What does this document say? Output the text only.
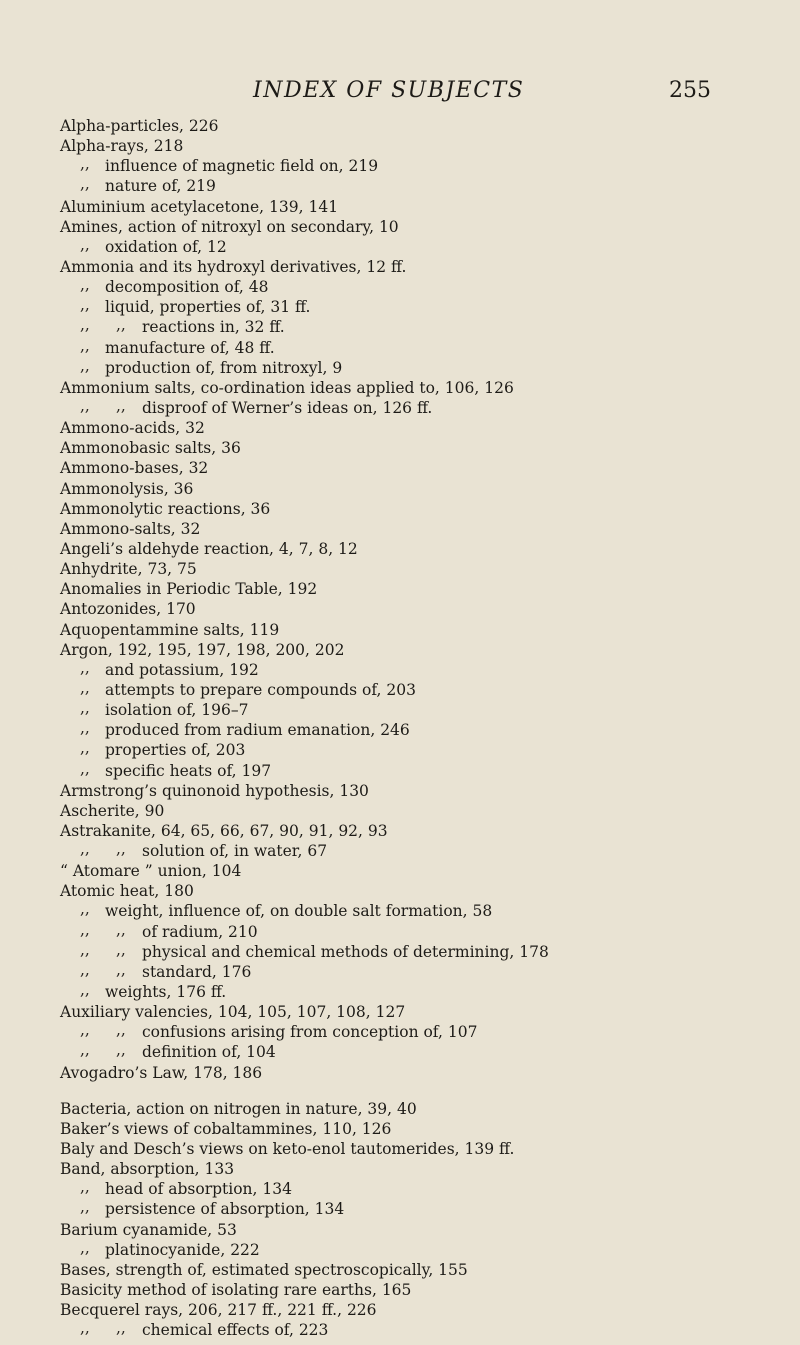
INDEX OF SUBJECTS	255
Alpha-particles, 226
Alpha-rays, 218
,, influence of magnetic field on, 219
,, nature of, 219
Aluminium acetylacetone, 139, 141
Amines, action of nitroxyl on secondary, 10
,, oxidation of, 12
Ammonia and its hydroxyl derivatives, 12 ff.
,, decomposition of, 48
,, liquid, properties of, 31 ff.
,, ,, reactions in, 32 ff.
,, manufacture of, 48 ff.
,, production of, from nitroxyl, 9
Ammonium salts, co-ordination ideas applied to, 106, 126
,, ,, disproof of Werner’s ideas on, 126 ff.
Ammono-acids, 32
Ammonobasic salts, 36
Ammono-bases, 32
Ammonolysis, 36
Ammonolytic reactions, 36
Ammono-salts, 32
Angeli’s aldehyde reaction, 4, 7, 8, 12
Anhydrite, 73, 75
Anomalies in Periodic Table, 192
Antozonides, 170
Aquopentammine salts, 119
Argon, 192, 195, 197, 198, 200, 202
,, and potassium, 192
,, attempts to prepare compounds of, 203
,, isolation of, 196–7
,, produced from radium emanation, 246
,, properties of, 203
,, specific heats of, 197
Armstrong’s quinonoid hypothesis, 130
Ascherite, 90
Astrakanite, 64, 65, 66, 67, 90, 91, 92, 93
,, ,, solution of, in water, 67
“ Atomare ” union, 104
Atomic heat, 180
,, weight, influence of, on double salt formation, 58
,, ,, of radium, 210
,, ,, physical and chemical methods of determining, 178
,, ,, standard, 176
,, weights, 176 ff.
Auxiliary valencies, 104, 105, 107, 108, 127
,, ,, confusions arising from conception of, 107
,, ,, definition of, 104
Avogadro’s Law, 178, 186
Bacteria, action on nitrogen in nature, 39, 40
Baker’s views of cobaltammines, 110, 126
Baly and Desch’s views on keto-enol tautomerides, 139 ff.
Band, absorption, 133
,, head of absorption, 134
,, persistence of absorption, 134
Barium cyanamide, 53
,, platinocyanide, 222
Bases, strength of, estimated spectroscopically, 155
Basicity method of isolating rare earths, 165
Becquerel rays, 206, 217 ff., 221 ff., 226
,, ,, chemical effects of, 223
